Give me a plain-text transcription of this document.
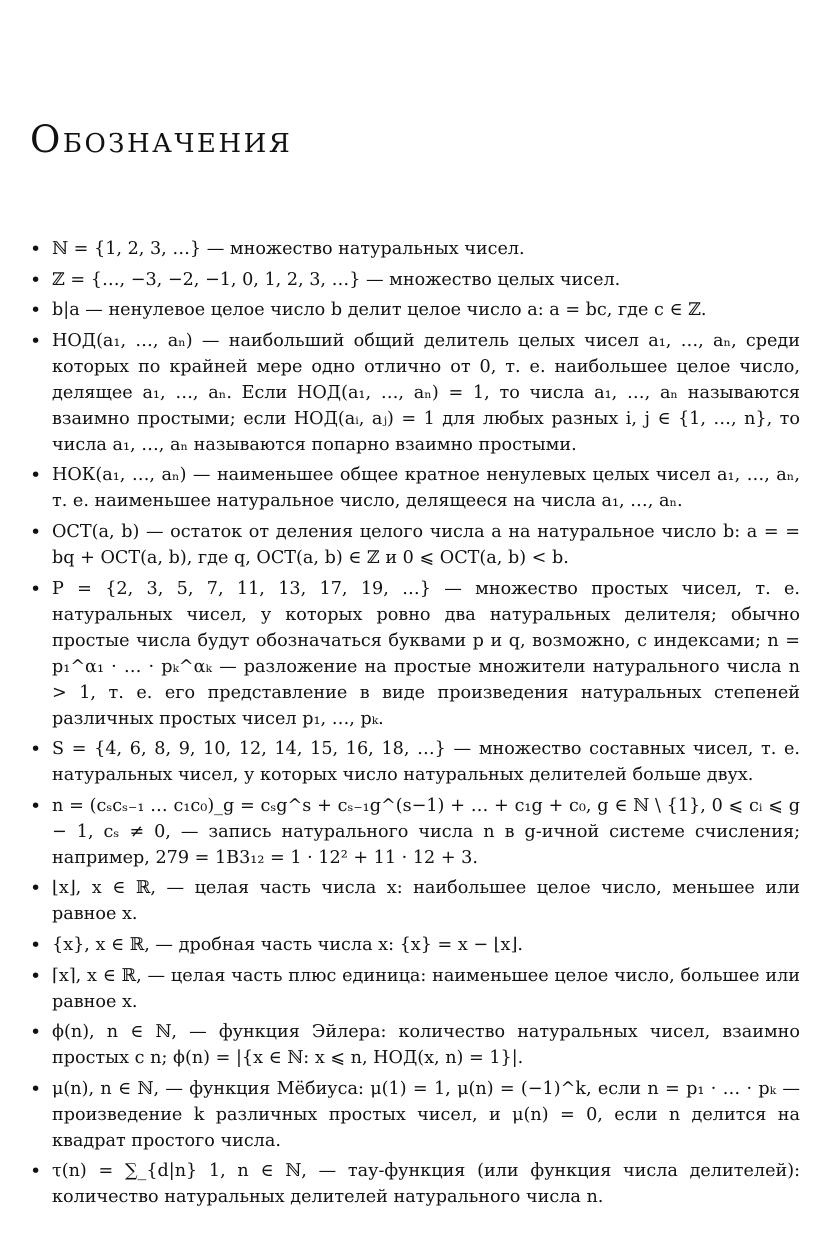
Обозначения
• ℕ = {1, 2, 3, …} — множество натуральных чисел.
• ℤ = {…, −3, −2, −1, 0, 1, 2, 3, …} — множество целых чисел.
• b|a — ненулевое целое число b делит целое число a: a = bc, где c ∈ ℤ.
• НОД(a₁, …, aₙ) — наибольший общий делитель целых чисел a₁, …, aₙ, среди которых по крайней мере одно отлично от 0, т. е. наибольшее целое число, делящее a₁, …, aₙ. Если НОД(a₁, …, aₙ) = 1, то числа a₁, …, aₙ называются взаимно простыми; если НОД(aᵢ, aⱼ) = 1 для любых разных i, j ∈ {1, …, n}, то числа a₁, …, aₙ называются попарно взаимно простыми.
• НОК(a₁, …, aₙ) — наименьшее общее кратное ненулевых целых чисел a₁, …, aₙ, т. е. наименьшее натуральное число, делящееся на числа a₁, …, aₙ.
• ОСТ(a, b) — остаток от деления целого числа a на натуральное число b: a = = bq + ОСТ(a, b), где q, ОСТ(a, b) ∈ ℤ и 0 ⩽ ОСТ(a, b) < b.
• P = {2, 3, 5, 7, 11, 13, 17, 19, …} — множество простых чисел, т. е. натуральных чисел, у которых ровно два натуральных делителя; обычно простые числа будут обозначаться буквами p и q, возможно, с индексами; n = p₁^α₁ · … · pₖ^αₖ — разложение на простые множители натурального числа n > 1, т. е. его представление в виде произведения натуральных степеней различных простых чисел p₁, …, pₖ.
• S = {4, 6, 8, 9, 10, 12, 14, 15, 16, 18, …} — множество составных чисел, т. е. натуральных чисел, у которых число натуральных делителей больше двух.
• n = (cₛcₛ₋₁ … c₁c₀)_g = cₛg^s + cₛ₋₁g^(s−1) + … + c₁g + c₀, g ∈ ℕ \ {1}, 0 ⩽ cᵢ ⩽ g − 1, cₛ ≠ 0, — запись натурального числа n в g-ичной системе счисления; например, 279 = 1B3₁₂ = 1 · 12² + 11 · 12 + 3.
• ⌊x⌋, x ∈ ℝ, — целая часть числа x: наибольшее целое число, меньшее или равное x.
• {x}, x ∈ ℝ, — дробная часть числа x: {x} = x − ⌊x⌋.
• ⌈x⌉, x ∈ ℝ, — целая часть плюс единица: наименьшее целое число, большее или равное x.
• ϕ(n), n ∈ ℕ, — функция Эйлера: количество натуральных чисел, взаимно простых с n; ϕ(n) = |{x ∈ ℕ: x ⩽ n, НОД(x, n) = 1}|.
• μ(n), n ∈ ℕ, — функция Мёбиуса: μ(1) = 1, μ(n) = (−1)^k, если n = p₁ · … · pₖ — произведение k различных простых чисел, и μ(n) = 0, если n делится на квадрат простого числа.
• τ(n) = ∑_{d|n} 1, n ∈ ℕ, — тау-функция (или функция числа делителей): количество натуральных делителей натурального числа n.
